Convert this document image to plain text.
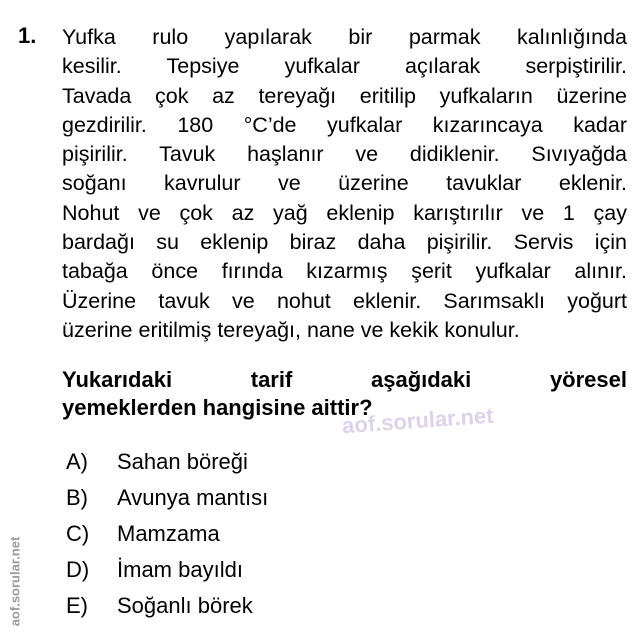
1. Yufka rulo yapılarak bir parmak kalınlığında
kesilir. Tepsiye yufkalar açılarak serpiştirilir.
Tavada çok az tereyağı eritilip yufkaların üzerine
gezdirilir. 180 °C’de yufkalar kızarıncaya kadar
pişirilir. Tavuk haşlanır ve didiklenir. Sıvıyağda
soğanı kavrulur ve üzerine tavuklar eklenir.
Nohut ve çok az yağ eklenip karıştırılır ve 1 çay
bardağı su eklenip biraz daha pişirilir. Servis için
tabağa önce fırında kızarmış şerit yufkalar alınır.
Üzerine tavuk ve nohut eklenir. Sarımsaklı yoğurt
üzerine eritilmiş tereyağı, nane ve kekik konulur.
Yukarıdaki tarif aşağıdaki yöresel
yemeklerden hangisine aittir?
aof.sorular.net
A)	Sahan böreği
B)	Avunya mantısı
C)	Mamzama
D)	İmam bayıldı
E)	Soğanlı börek
aof.sorular.net
